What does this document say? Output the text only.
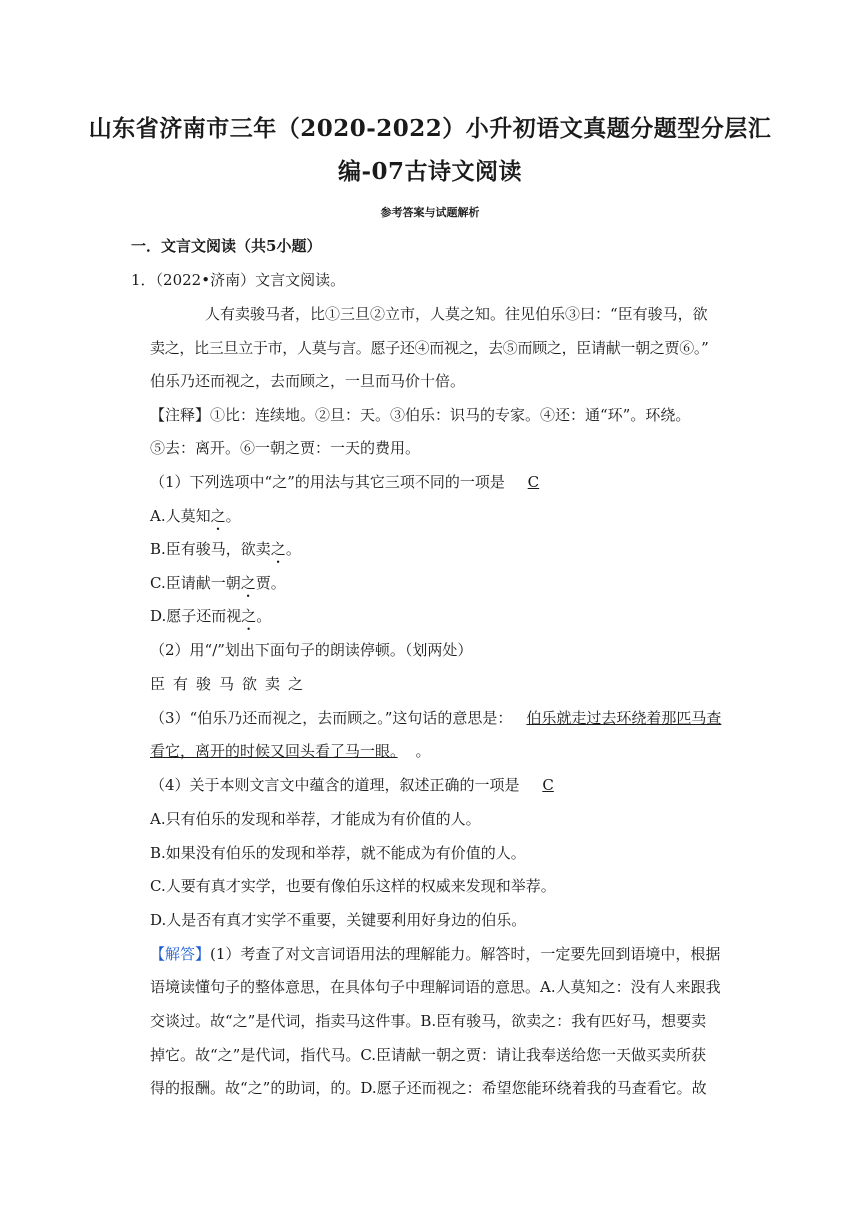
山东省济南市三年（2020-2022）小升初语文真题分题型分层汇
编-07古诗文阅读
参考答案与试题解析
一．文言文阅读（共5小题）
1．（2022•济南）文言文阅读。
人有卖骏马者，比①三旦②立市，人莫之知。往见伯乐③曰：“臣有骏马，欲
卖之，比三旦立于市，人莫与言。愿子还④而视之，去⑤而顾之，臣请献一朝之贾⑥。”
伯乐乃还而视之，去而顾之，一旦而马价十倍。
【注释】①比：连续地。②旦：天。③伯乐：识马的专家。④还：通“环”。环绕。
⑤去：离开。⑥一朝之贾：一天的费用。
（1）下列选项中“之”的用法与其它三项不同的一项是 C
A.人莫知之。
B.臣有骏马，欲卖之。
C.臣请献一朝之贾。
D.愿子还而视之。
（2）用“/”划出下面句子的朗读停顿。（划两处）
臣有骏马欲卖之
（3）“伯乐乃还而视之，去而顾之。”这句话的意思是： 伯乐就走过去环绕着那匹马查
看它，离开的时候又回头看了马一眼。 。
（4）关于本则文言文中蕴含的道理，叙述正确的一项是 C
A.只有伯乐的发现和举荐，才能成为有价值的人。
B.如果没有伯乐的发现和举荐，就不能成为有价值的人。
C.人要有真才实学，也要有像伯乐这样的权威来发现和举荐。
D.人是否有真才实学不重要，关键要利用好身边的伯乐。
【解答】(1）考查了对文言词语用法的理解能力。解答时，一定要先回到语境中，根据
语境读懂句子的整体意思，在具体句子中理解词语的意思。A.人莫知之：没有人来跟我
交谈过。故“之”是代词，指卖马这件事。B.臣有骏马，欲卖之：我有匹好马，想要卖
掉它。故“之”是代词，指代马。C.臣请献一朝之贾：请让我奉送给您一天做买卖所获
得的报酬。故“之”的助词，的。D.愿子还而视之：希望您能环绕着我的马查看它。故
